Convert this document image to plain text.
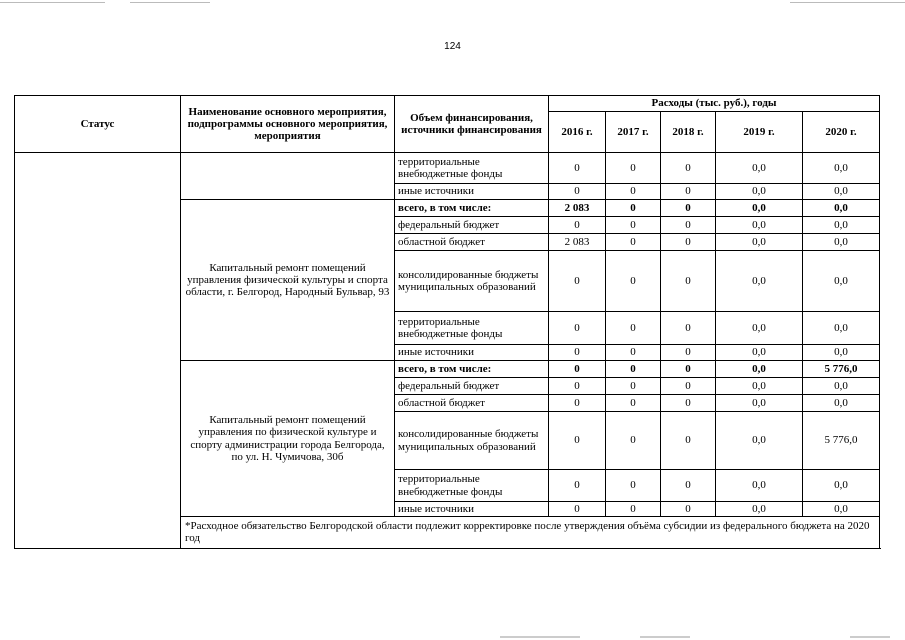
124
Статус	Наименование основного мероприятия, подпрограммы основного мероприятия, мероприятия	Объем финансирования, источники финансирования	Расходы (тыс. руб.), годы				
			2016 г.	2017 г.	2018 г.	2019 г.	2020 г.
		территориальные внебюджетные фонды	0	0	0	0,0	0,0
		иные источники	0	0	0	0,0	0,0
	Капитальный ремонт помещений управления физической культуры и спорта области, г. Белгород, Народный Бульвар, 93	всего, в том числе:	2 083	0	0	0,0	0,0
		федеральный бюджет	0	0	0	0,0	0,0
		областной бюджет	2 083	0	0	0,0	0,0
		консолидированные бюджеты муниципальных образований	0	0	0	0,0	0,0
		территориальные внебюджетные фонды	0	0	0	0,0	0,0
		иные источники	0	0	0	0,0	0,0
	Капитальный ремонт помещений управления по физической культуре и спорту администрации города Белгорода, по ул. Н. Чумичова, 30б	всего, в том числе:	0	0	0	0,0	5 776,0
		федеральный бюджет	0	0	0	0,0	0,0
		областной бюджет	0	0	0	0,0	0,0
		консолидированные бюджеты муниципальных образований	0	0	0	0,0	5 776,0
		территориальные внебюджетные фонды	0	0	0	0,0	0,0
		иные источники	0	0	0	0,0	0,0
	*Расходное обязательство Белгородской области подлежит корректировке после утверждения объёма субсидии из федерального бюджета на 2020 год						
